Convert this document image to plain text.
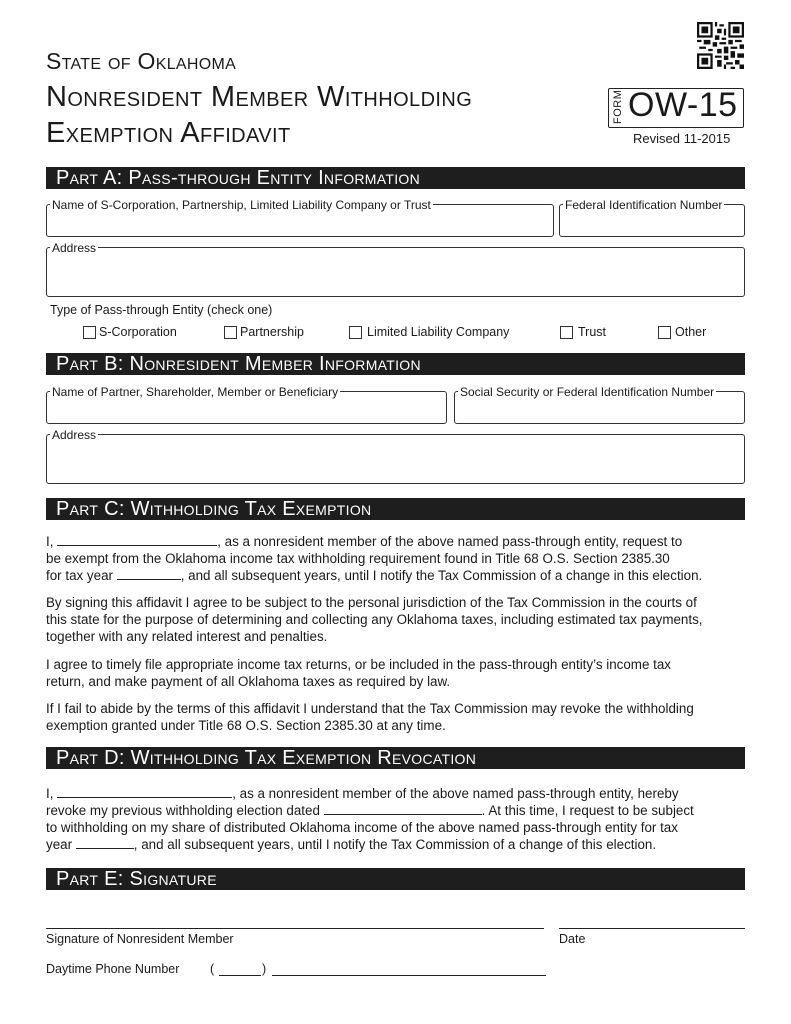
State of Oklahoma
Nonresident Member Withholding
Exemption Affidavit
FORM OW-15
Revised 11-2015
Part A: Pass-through Entity Information
Name of S-Corporation, Partnership, Limited Liability Company or Trust	Federal Identification Number
Address
Type of Pass-through Entity (check one)
S-Corporation	Partnership	Limited Liability Company	Trust	Other
Part B: Nonresident Member Information
Name of Partner, Shareholder, Member or Beneficiary	Social Security or Federal Identification Number
Address
Part C: Withholding Tax Exemption
I,	, as a nonresident member of the above named pass-through entity, request to
be exempt from the Oklahoma income tax withholding requirement found in Title 68 O.S. Section 2385.30
for tax year	, and all subsequent years, until I notify the Tax Commission of a change in this election.
By signing this affidavit I agree to be subject to the personal jurisdiction of the Tax Commission in the courts of
this state for the purpose of determining and collecting any Oklahoma taxes, including estimated tax payments,
together with any related interest and penalties.
I agree to timely file appropriate income tax returns, or be included in the pass-through entity’s income tax
return, and make payment of all Oklahoma taxes as required by law.
If I fail to abide by the terms of this affidavit I understand that the Tax Commission may revoke the withholding
exemption granted under Title 68 O.S. Section 2385.30 at any time.
Part D: Withholding Tax Exemption Revocation
I,	, as a nonresident member of the above named pass-through entity, hereby
revoke my previous withholding election dated	. At this time, I request to be subject
to withholding on my share of distributed Oklahoma income of the above named pass-through entity for tax
year	, and all subsequent years, until I notify the Tax Commission of a change of this election.
Part E: Signature
Signature of Nonresident Member	Date
Daytime Phone Number (	)
